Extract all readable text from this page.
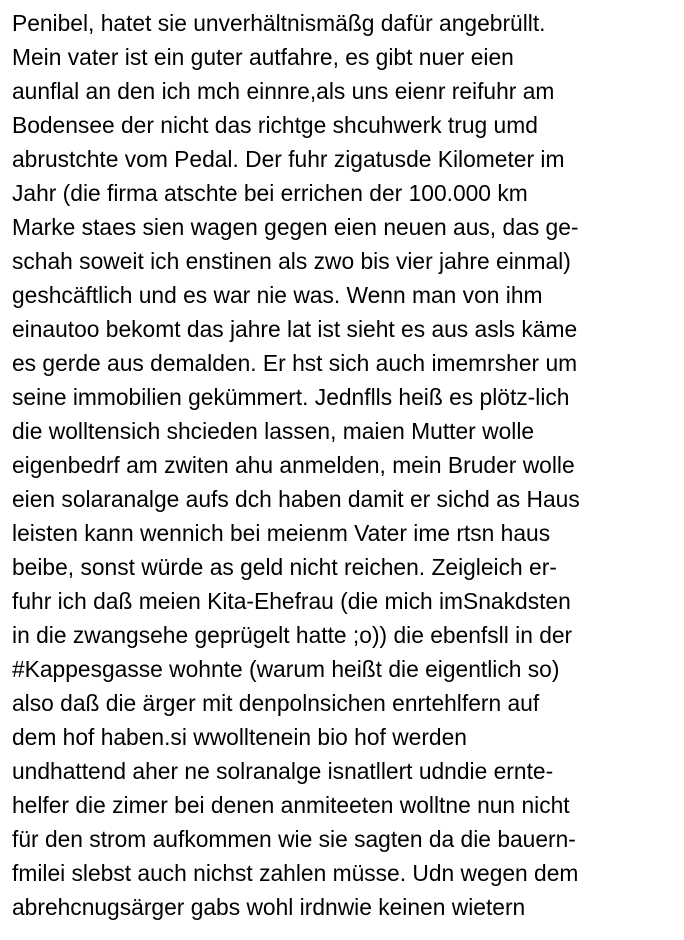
Penibel, hatet sie unverhältnismäßg dafür angebrüllt.
Mein vater ist ein guter autfahre, es gibt nuer eien
aunflal an den ich mch einnre,als uns eienr reifuhr am
Bodensee der nicht das richtge shcuhwerk trug umd
abrustchte vom Pedal. Der fuhr zigatusde Kilometer im
Jahr (die firma atschte bei errichen der 100.000 km
Marke staes sien wagen gegen eien neuen aus, das ge-
schah soweit ich enstinen als zwo bis vier jahre einmal)
geshcäftlich und es war nie was. Wenn man von ihm
einautoo bekomt das jahre lat ist sieht es aus asls käme
es gerde aus demalden. Er hst sich auch imemrsher um
seine immobilien gekümmert. Jednflls heiß es plötz-lich
die wolltensich shcieden lassen, maien Mutter wolle
eigenbedrf am zwiten ahu anmelden, mein Bruder wolle
eien solaranalge aufs dch haben damit er sichd as Haus
leisten kann wennich bei meienm Vater ime rtsn haus
beibe, sonst würde as geld nicht reichen. Zeigleich er-
fuhr ich daß meien Kita-Ehefrau (die mich imSnakdsten
in die zwangsehe geprügelt hatte ;o)) die ebenfsll in der
#Kappesgasse wohnte (warum heißt die eigentlich so)
also daß die ärger mit denpolnsichen enrtehlfern auf
dem hof haben.si wwolltenein bio hof werden
undhattend aher ne solranalge isnatllert udndie ernte-
helfer die zimer bei denen anmiteeten wolltne nun nicht
für den strom aufkommen wie sie sagten da die bauern-
fmilei slebst auch nichst zahlen müsse. Udn wegen dem
abrehcnugsärger gabs wohl irdnwie keinen wietern
